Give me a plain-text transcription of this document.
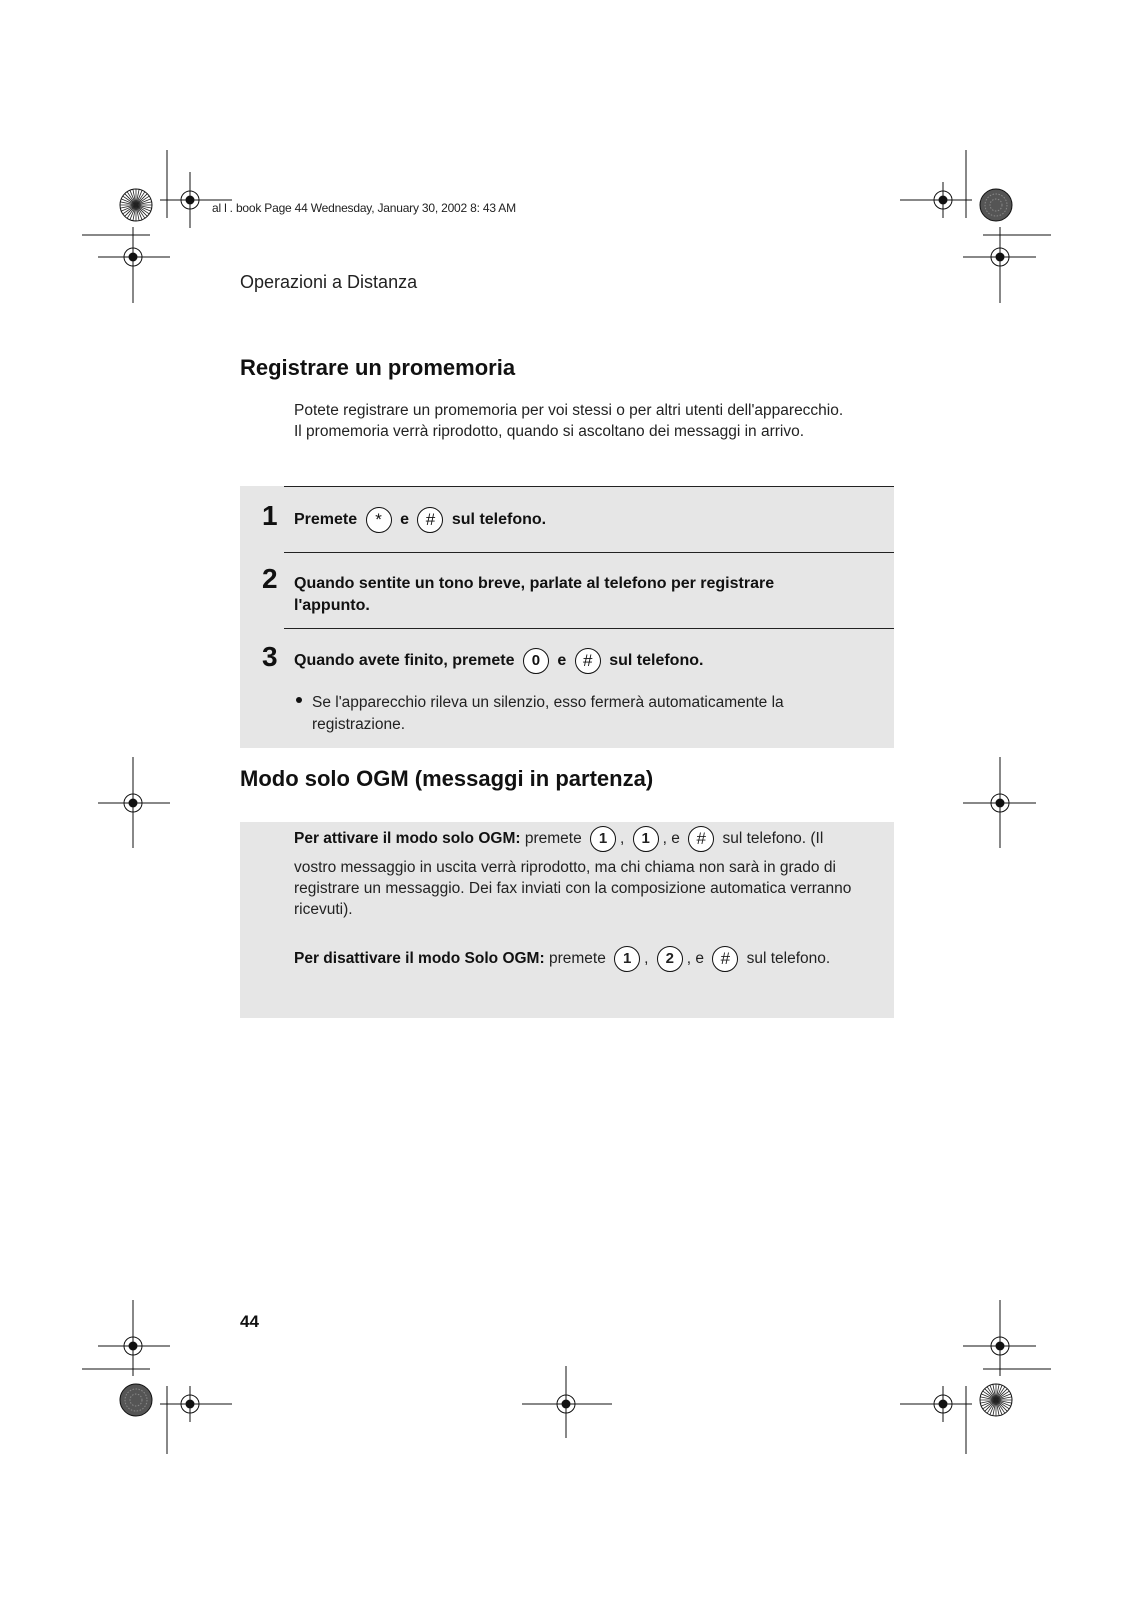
al l . book Page 44 Wednesday, January 30, 2002 8: 43 AM
Operazioni a Distanza
Registrare un promemoria
Potete registrare un promemoria per voi stessi o per altri utenti dell'apparecchio. Il promemoria verrà riprodotto, quando si ascoltano dei messaggi in arrivo.
1 Premete * e # sul telefono.
2 Quando sentite un tono breve, parlate al telefono per registrare l'appunto.
3 Quando avete finito, premete 0 e # sul telefono.
Se l'apparecchio rileva un silenzio, esso fermerà automaticamente la registrazione.
Modo solo OGM (messaggi in partenza)
Per attivare il modo solo OGM: premete 1 , 1 , e # sul telefono. (Il
vostro messaggio in uscita verrà riprodotto, ma chi chiama non sarà in grado di registrare un messaggio. Dei fax inviati con la composizione automatica verranno ricevuti).
Per disattivare il modo Solo OGM: premete 1 , 2 , e # sul telefono.
44
